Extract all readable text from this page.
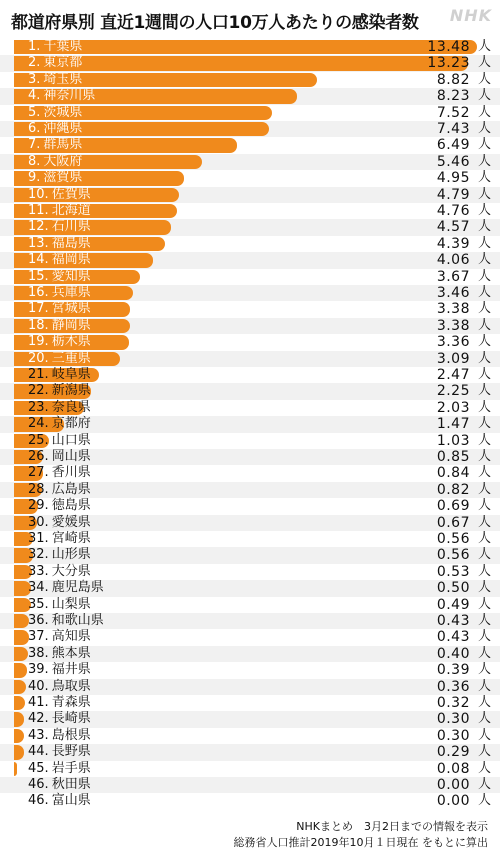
1. 千葉県	13.48 人
2. 東京都	13.23 人
3. 埼玉県	8.82 人
4. 神奈川県	8.23 人
5. 茨城県	7.52 人
6. 沖縄県	7.43 人
7. 群馬県	6.49 人
8. 大阪府	5.46 人
9. 滋賀県	4.95 人
10. 佐賀県	4.79 人
11. 北海道	4.76 人
12. 石川県	4.57 人
13. 福島県	4.39 人
14. 福岡県	4.06 人
15. 愛知県	3.67 人
16. 兵庫県	3.46 人
17. 宮城県	3.38 人
18. 静岡県	3.38 人
19. 栃木県	3.36 人
20. 三重県	3.09 人
21. 岐阜県	2.47 人
22. 新潟県	2.25 人
23. 奈良県	2.03 人
24. 京都府	1.47 人
25. 山口県	1.03 人
26. 岡山県	0.85 人
27. 香川県	0.84 人
28. 広島県	0.82 人
29. 徳島県	0.69 人
30. 愛媛県	0.67 人
31. 宮崎県	0.56 人
32. 山形県	0.56 人
33. 大分県	0.53 人
34. 鹿児島県	0.50 人
35. 山梨県	0.49 人
36. 和歌山県	0.43 人
37. 高知県	0.43 人
38. 熊本県	0.40 人
39. 福井県	0.39 人
40. 鳥取県	0.36 人
41. 青森県	0.32 人
42. 長崎県	0.30 人
43. 島根県	0.30 人
44. 長野県	0.29 人
45. 岩手県	0.08 人
46. 秋田県	0.00 人
46. 富山県	0.00 人
都道府県別 直近1週間の人口10万人あたりの感染者数 NHK
NHKまとめ　3月2日までの情報を表示
総務省人口推計2019年10月１日現在 をもとに算出
